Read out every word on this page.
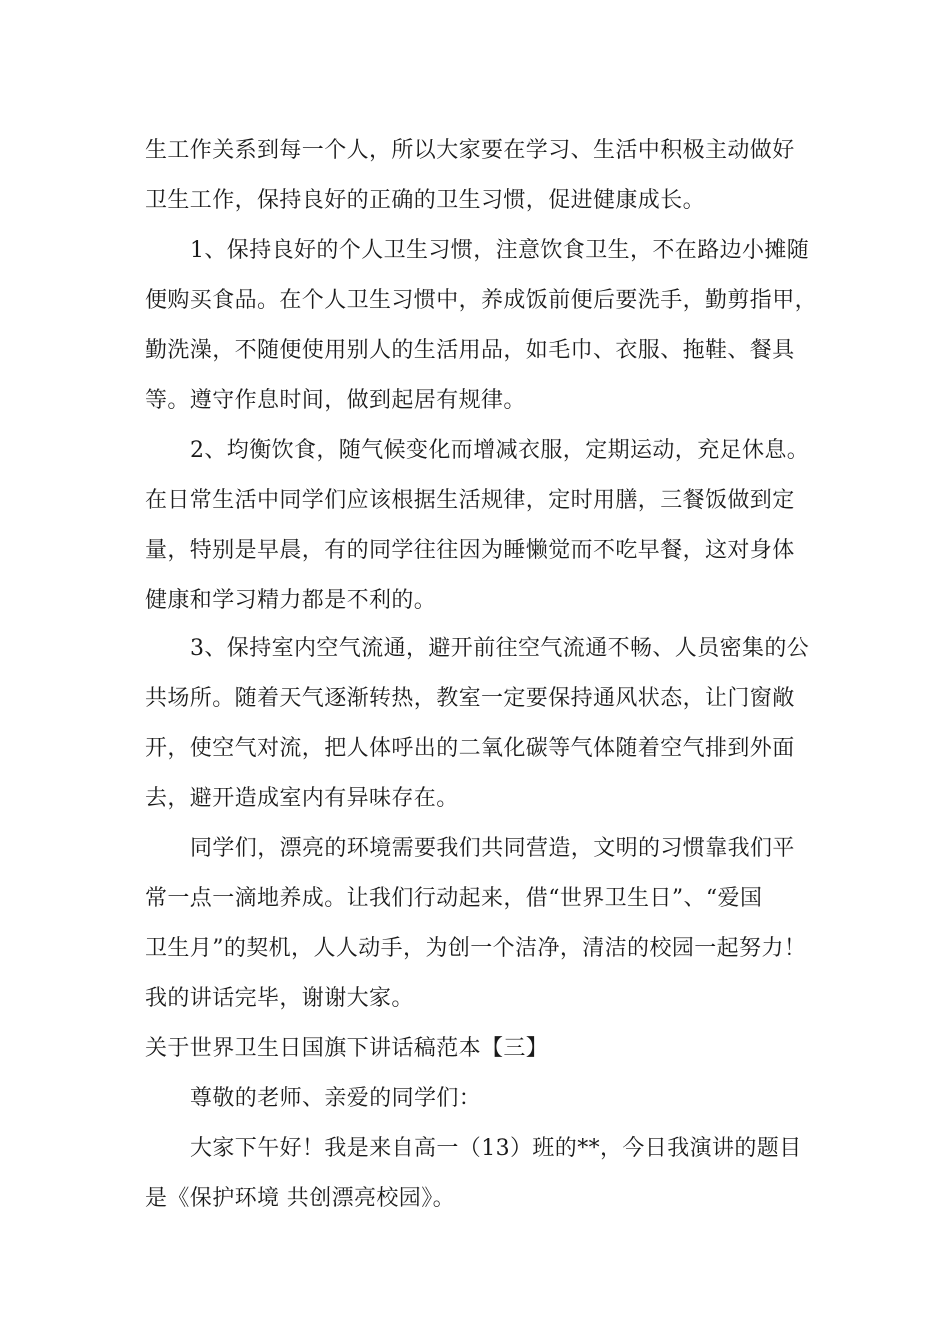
生工作关系到每一个人，所以大家要在学习、生活中积极主动做好
卫生工作，保持良好的正确的卫生习惯，促进健康成长。
1、保持良好的个人卫生习惯，注意饮食卫生，不在路边小摊随
便购买食品。在个人卫生习惯中，养成饭前便后要洗手，勤剪指甲，
勤洗澡，不随便使用别人的生活用品，如毛巾、衣服、拖鞋、餐具
等。遵守作息时间，做到起居有规律。
2、均衡饮食，随气候变化而增减衣服，定期运动，充足休息。
在日常生活中同学们应该根据生活规律，定时用膳，三餐饭做到定
量，特别是早晨，有的同学往往因为睡懒觉而不吃早餐，这对身体
健康和学习精力都是不利的。
3、保持室内空气流通，避开前往空气流通不畅、人员密集的公
共场所。随着天气逐渐转热，教室一定要保持通风状态，让门窗敞
开，使空气对流，把人体呼出的二氧化碳等气体随着空气排到外面
去，避开造成室内有异味存在。
同学们，漂亮的环境需要我们共同营造，文明的习惯靠我们平
常一点一滴地养成。让我们行动起来，借“世界卫生日”、“爱国
卫生月”的契机，人人动手，为创一个洁净，清洁的校园一起努力！
我的讲话完毕，谢谢大家。
关于世界卫生日国旗下讲话稿范本【三】
尊敬的老师、亲爱的同学们：
大家下午好！我是来自高一（13）班的**，今日我演讲的题目
是《保护环境 共创漂亮校园》。
